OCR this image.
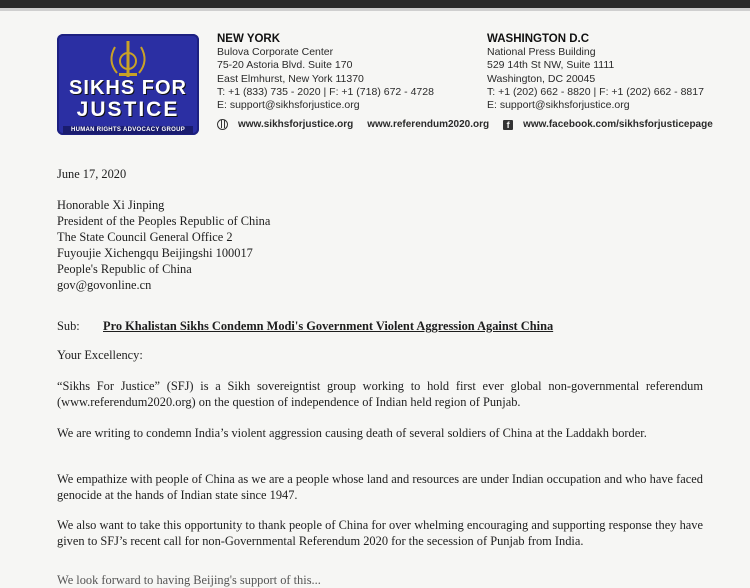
SIKHS FOR
JUSTICE
HUMAN RIGHTS ADVOCACY GROUP
NEW YORK
Bulova Corporate Center
75-20 Astoria Blvd. Suite 170
East Elmhurst, New York 11370
T: +1 (833) 735 - 2020 | F: +1 (718) 672 - 4728
E: support@sikhsforjustice.org
WASHINGTON D.C
National Press Building
529 14th St NW, Suite 1111
Washington, DC 20045
T: +1 (202) 662 - 8820 | F: +1 (202) 662 - 8817
E: support@sikhsforjustice.org
www.sikhsforjustice.org www.referendum2020.org f www.facebook.com/sikhsforjusticepage
June 17, 2020
Honorable Xi Jinping
President of the Peoples Republic of China
The State Council General Office 2
Fuyoujie Xichengqu Beijingshi 100017
People's Republic of China
gov@govonline.cn
Sub: Pro Khalistan Sikhs Condemn Modi's Government Violent Aggression Against China
Your Excellency:
“Sikhs For Justice” (SFJ) is a Sikh sovereigntist group working to hold first ever global non-governmental referendum (www.referendum2020.org) on the question of independence of Indian held region of Punjab.
We are writing to condemn India’s violent aggression causing death of several soldiers of China at the Laddakh border.
We empathize with people of China as we are a people whose land and resources are under Indian occupation and who have faced genocide at the hands of Indian state since 1947.
We also want to take this opportunity to thank people of China for over whelming encouraging and supporting response they have given to SFJ’s recent call for non-Governmental Referendum 2020 for the secession of Punjab from India.
We look forward to having Beijing's support of this...
